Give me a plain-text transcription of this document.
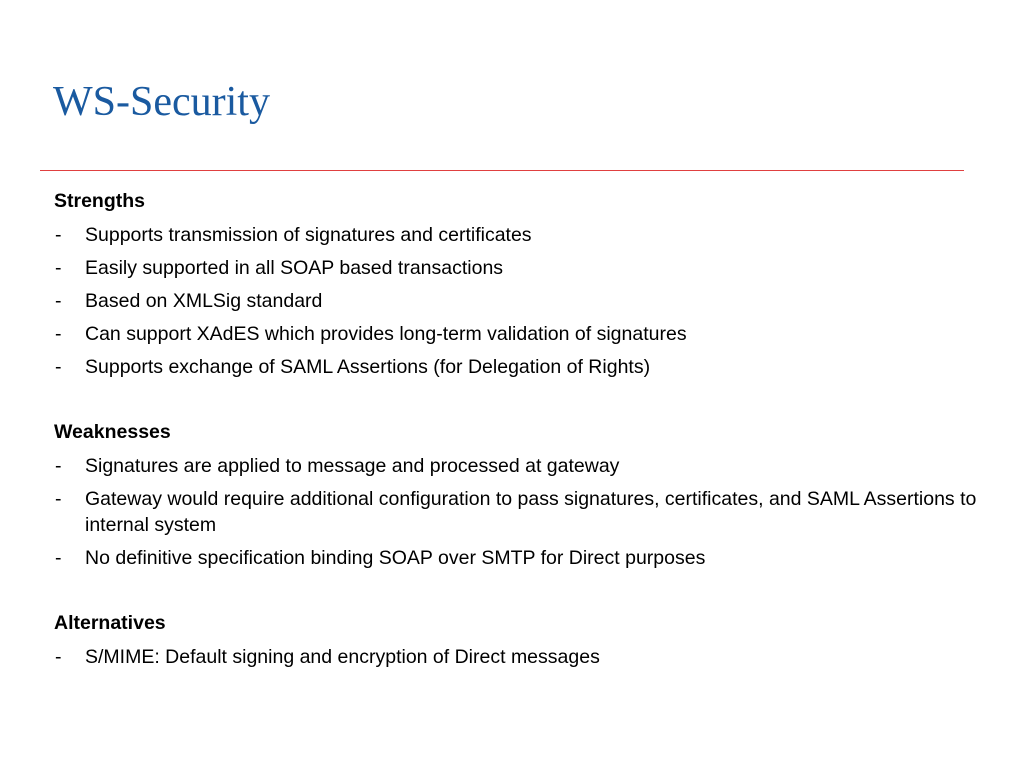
WS-Security
Strengths
- Supports transmission of signatures and certificates
- Easily supported in all SOAP based transactions
- Based on XMLSig standard
- Can support XAdES which provides long-term validation of signatures
- Supports exchange of SAML Assertions (for Delegation of Rights)
Weaknesses
- Signatures are applied to message and processed at gateway
- Gateway would require additional configuration to pass signatures, certificates, and SAML Assertions to internal system
- No definitive specification binding SOAP over SMTP for Direct purposes
Alternatives
- S/MIME: Default signing and encryption of Direct messages
